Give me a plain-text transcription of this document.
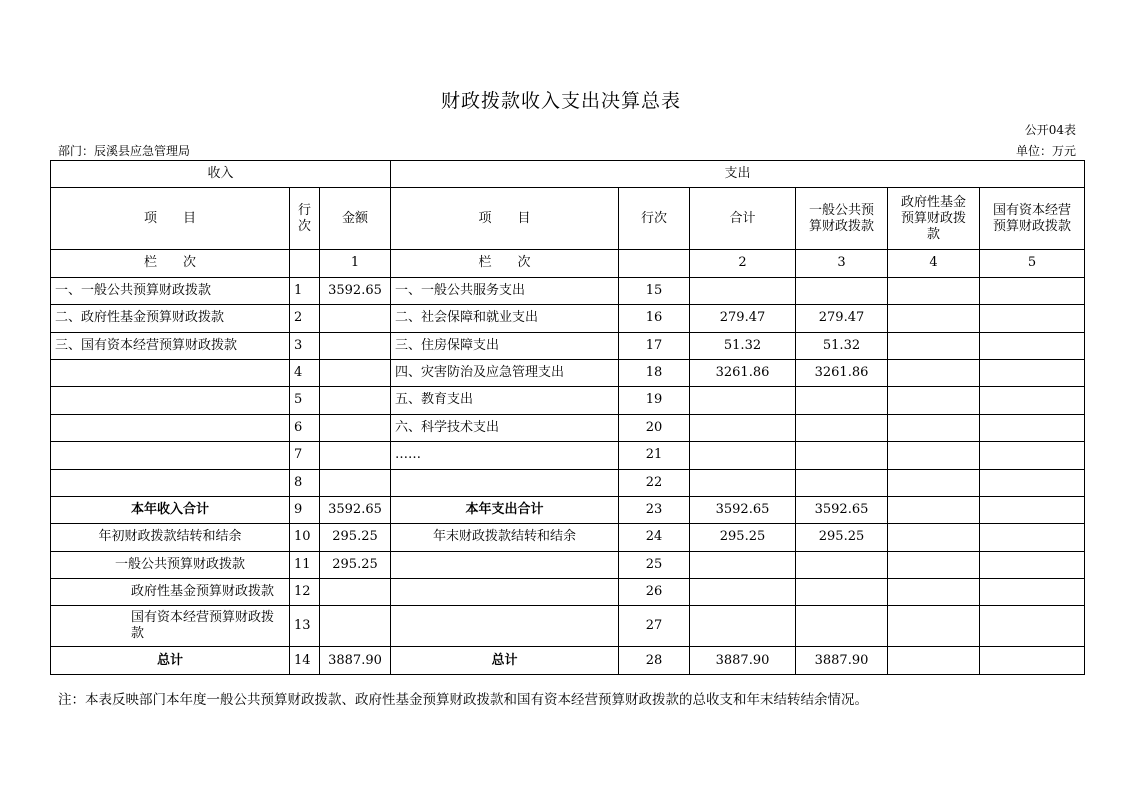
财政拨款收入支出决算总表
公开04表
部门：辰溪县应急管理局	单位：万元
收入			支出					
项　　目	行次	金额	项　　目	行次	合计	一般公共预算财政拨款	政府性基金预算财政拨款	国有资本经营预算财政拨款
栏　　次		1	栏　　次		2	3	4	5
一、一般公共预算财政拨款	1	3592.65	一、一般公共服务支出	15				
二、政府性基金预算财政拨款	2		二、社会保障和就业支出	16	279.47	279.47		
三、国有资本经营预算财政拨款	3		三、住房保障支出	17	51.32	51.32		
	4		四、灾害防治及应急管理支出	18	3261.86	3261.86		
	5		五、教育支出	19				
	6		六、科学技术支出	20				
	7		……	21				
	8			22				
本年收入合计	9	3592.65	本年支出合计	23	3592.65	3592.65		
年初财政拨款结转和结余	10	295.25	年末财政拨款结转和结余	24	295.25	295.25		
一般公共预算财政拨款	11	295.25		25				
政府性基金预算财政拨款	12			26				
国有资本经营预算财政拨款	13			27				
总计	14	3887.90	总计	28	3887.90	3887.90		
注：本表反映部门本年度一般公共预算财政拨款、政府性基金预算财政拨款和国有资本经营预算财政拨款的总收支和年末结转结余情况。
